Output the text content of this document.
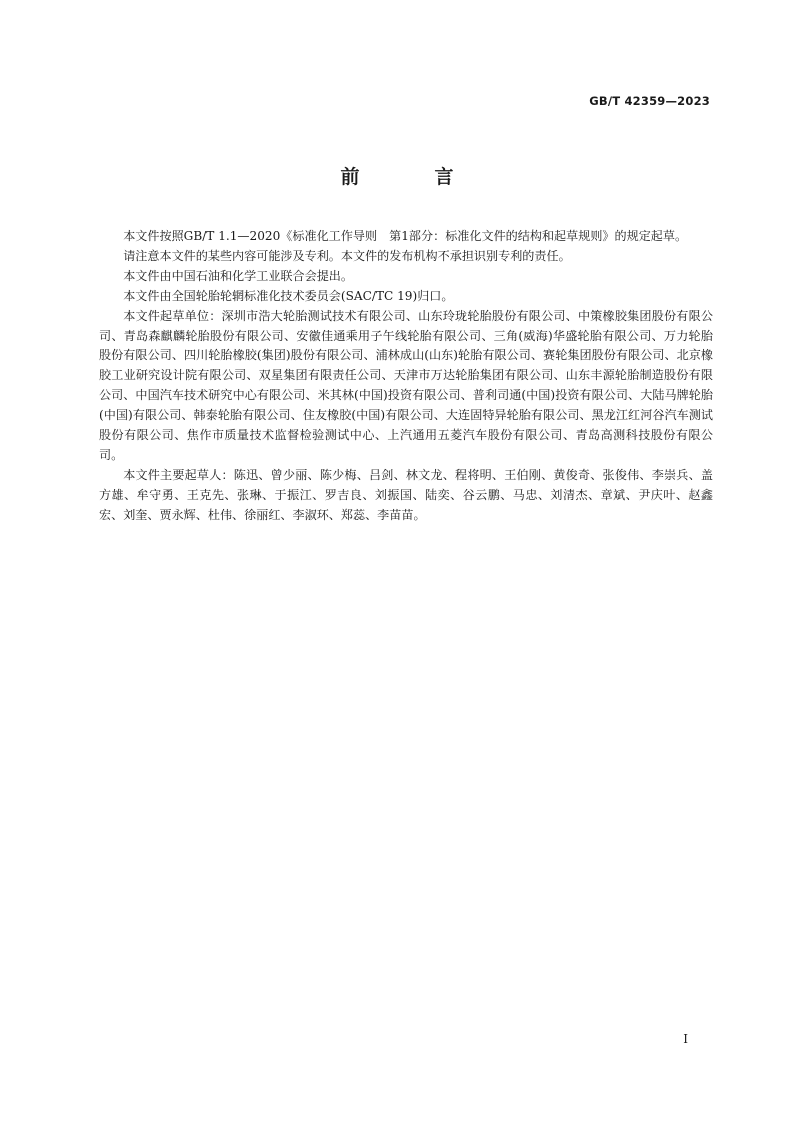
GB/T 42359—2023
前　言

本文件按照GB/T 1.1—2020《标准化工作导则　第1部分：标准化文件的结构和起草规则》的规定起草。

请注意本文件的某些内容可能涉及专利。本文件的发布机构不承担识别专利的责任。

本文件由中国石油和化学工业联合会提出。

本文件由全国轮胎轮辋标准化技术委员会(SAC/TC 19)归口。

本文件起草单位：深圳市浩大轮胎测试技术有限公司、山东玲珑轮胎股份有限公司、中策橡胶集团股份有限公司、青岛森麒麟轮胎股份有限公司、安徽佳通乘用子午线轮胎有限公司、三角(威海)华盛轮胎有限公司、万力轮胎股份有限公司、四川轮胎橡胶(集团)股份有限公司、浦林成山(山东)轮胎有限公司、赛轮集团股份有限公司、北京橡胶工业研究设计院有限公司、双星集团有限责任公司、天津市万达轮胎集团有限公司、山东丰源轮胎制造股份有限公司、中国汽车技术研究中心有限公司、米其林(中国)投资有限公司、普利司通(中国)投资有限公司、大陆马牌轮胎(中国)有限公司、韩泰轮胎有限公司、住友橡胶(中国)有限公司、大连固特异轮胎有限公司、黑龙江红河谷汽车测试股份有限公司、焦作市质量技术监督检验测试中心、上汽通用五菱汽车股份有限公司、青岛高测科技股份有限公司。

本文件主要起草人：陈迅、曾少丽、陈少梅、吕剑、林文龙、程将明、王伯刚、黄俊奇、张俊伟、李崇兵、盖方雄、牟守勇、王克先、张琳、于振江、罗吉良、刘振国、陆奕、谷云鹏、马忠、刘清杰、章斌、尹庆叶、赵鑫宏、刘奎、贾永辉、杜伟、徐丽红、李淑环、郑蕊、李苗苗。

I
